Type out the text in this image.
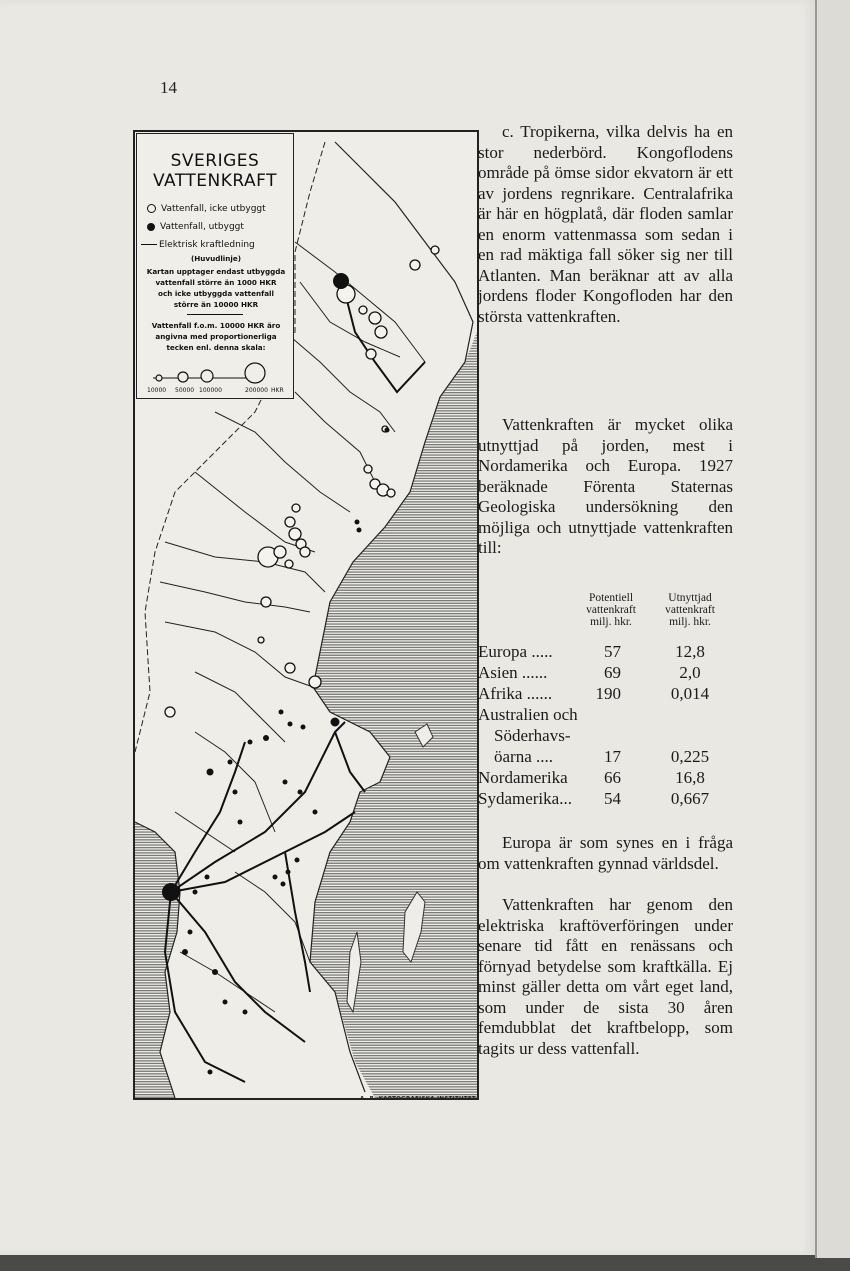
14
SVERIGES
VATTENKRAFT
Vattenfall, icke utbyggt
Vattenfall, utbyggt
Elektrisk kraftledning
(Huvudlinje)
Kartan upptager endast utbyggda
vattenfall större än 1000 HKR
och icke utbyggda vattenfall
större än 10000 HKR
Vattenfall f.o.m. 10000 HKR äro
angivna med proportionerliga
tecken enl. denna skala:
10000 50000 100000	200000 HKR
A.-B. KARTOGRAFISKA INSTITUTET

c. Tropikerna, vilka delvis ha en stor nederbörd. Kongoflodens område på ömse sidor ekvatorn är ett av jordens regnrikare. Centralafrika är här en högplatå, där floden samlar en enorm vattenmassa som sedan i en rad mäktiga fall söker sig ner till Atlanten. Man beräknar att av alla jordens floder Kongofloden har den största vattenkraften.

Vattenkraften är mycket olika utnyttjad på jorden, mest i Nordamerika och Europa. 1927 beräknade Förenta Staternas Geologiska undersökning den möjliga och utnyttjade vattenkraften till:

Potentiell
vattenkraft
milj. hkr.
Utnyttjad
vattenkraft
milj. hkr.
Europa .....	57	12,8
Asien ......	69	2,0
Afrika ......	190	0,014
Australien och
Söderhavs-
öarna ....	17	0,225
Nordamerika 66	16,8
Sydamerika... 54	0,667

Europa är som synes en i fråga om vattenkraften gynnad världsdel.

Vattenkraften har genom den elektriska kraftöverföringen under senare tid fått en renässans och förnyad betydelse som kraftkälla. Ej minst gäller detta om vårt eget land, som under de sista 30 åren femdubblat det kraftbelopp, som tagits ur dess vattenfall.
